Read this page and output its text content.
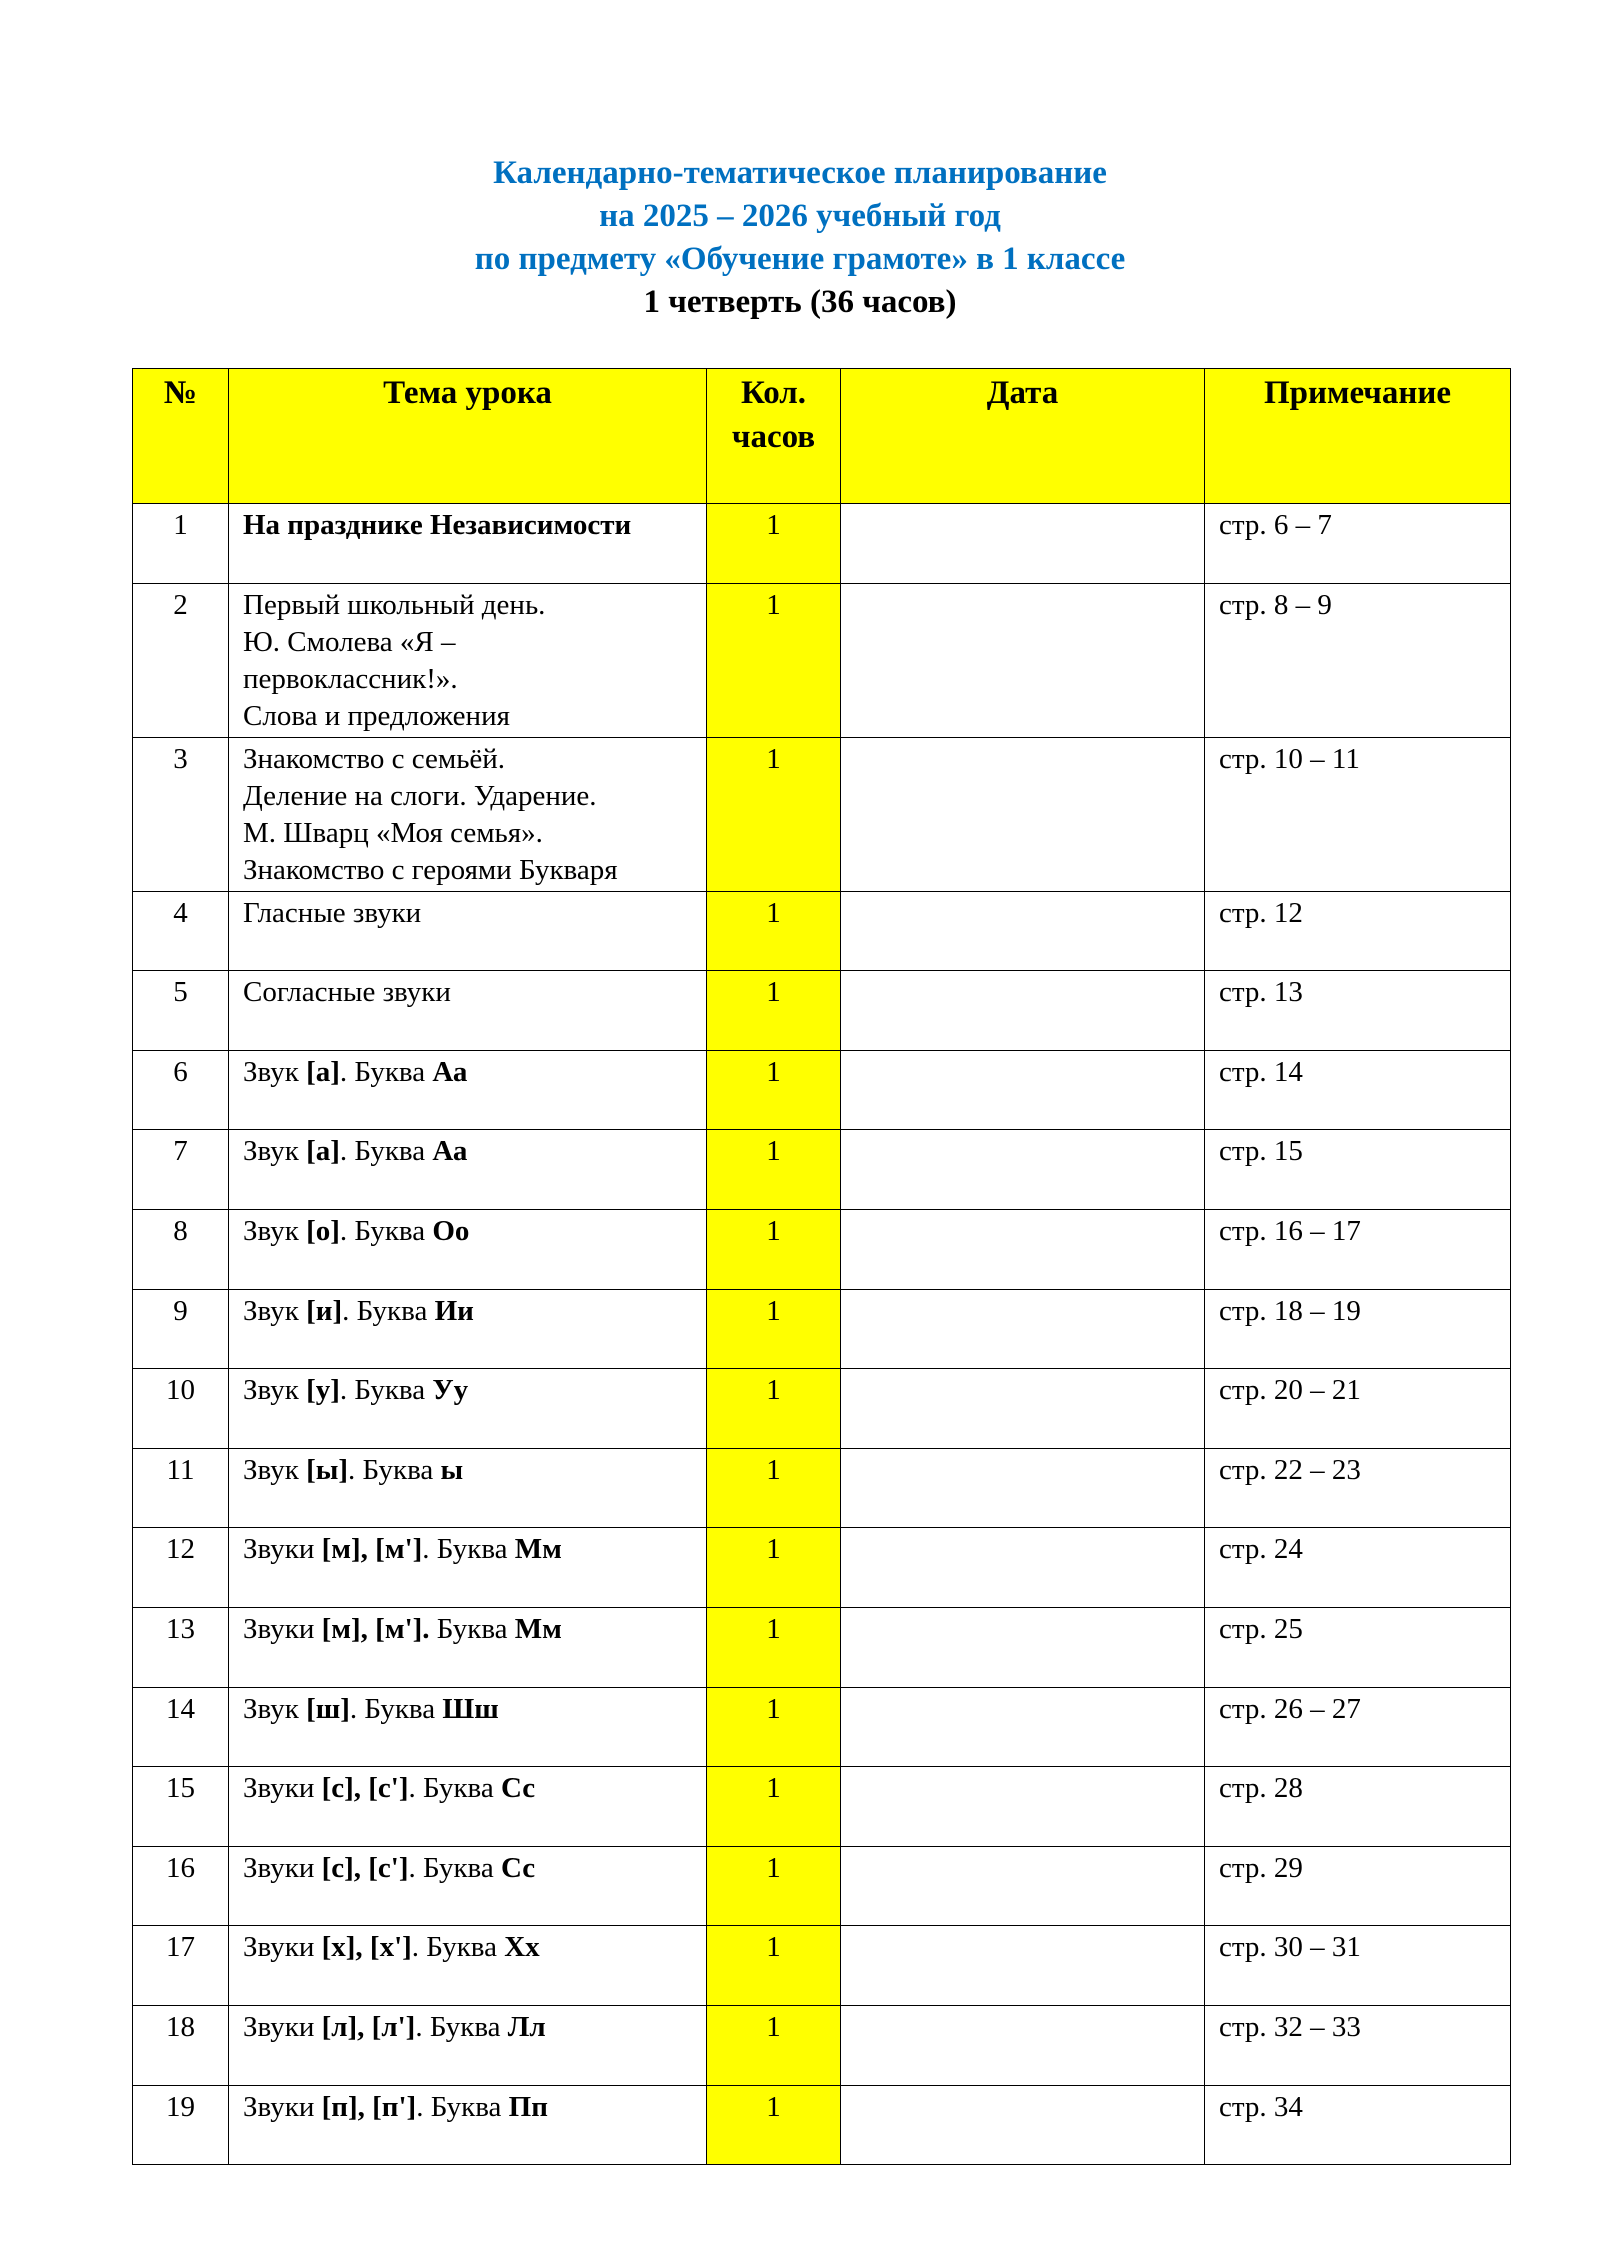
Календарно-тематическое планирование
на 2025 – 2026 учебный год
по предмету «Обучение грамоте» в 1 классе
1 четверть (36 часов)
№	Тема урока	Кол. часов	Дата	Примечание
1	На празднике Независимости	1		стр. 6 – 7
2	Первый школьный день.
Ю. Смолева «Я –
первоклассник!».
Слова и предложения	1		стр. 8 – 9
3	Знакомство с семьёй.
Деление на слоги. Ударение.
М. Шварц «Моя семья».
Знакомство с героями Букваря	1		стр. 10 – 11
4	Гласные звуки	1		стр. 12
5	Согласные звуки	1		стр. 13
6	Звук [а]. Буква Аа	1		стр. 14
7	Звук [а]. Буква Аа	1		стр. 15
8	Звук [о]. Буква Оо	1		стр. 16 – 17
9	Звук [и]. Буква Ии	1		стр. 18 – 19
10	Звук [у]. Буква Уу	1		стр. 20 – 21
11	Звук [ы]. Буква ы	1		стр. 22 – 23
12	Звуки [м], [м']. Буква Мм	1		стр. 24
13	Звуки [м], [м']. Буква Мм	1		стр. 25
14	Звук [ш]. Буква Шш	1		стр. 26 – 27
15	Звуки [с], [с']. Буква Сс	1		стр. 28
16	Звуки [с], [с']. Буква Сс	1		стр. 29
17	Звуки [х], [х']. Буква Хх	1		стр. 30 – 31
18	Звуки [л], [л']. Буква Лл	1		стр. 32 – 33
19	Звуки [п], [п']. Буква Пп	1		стр. 34
